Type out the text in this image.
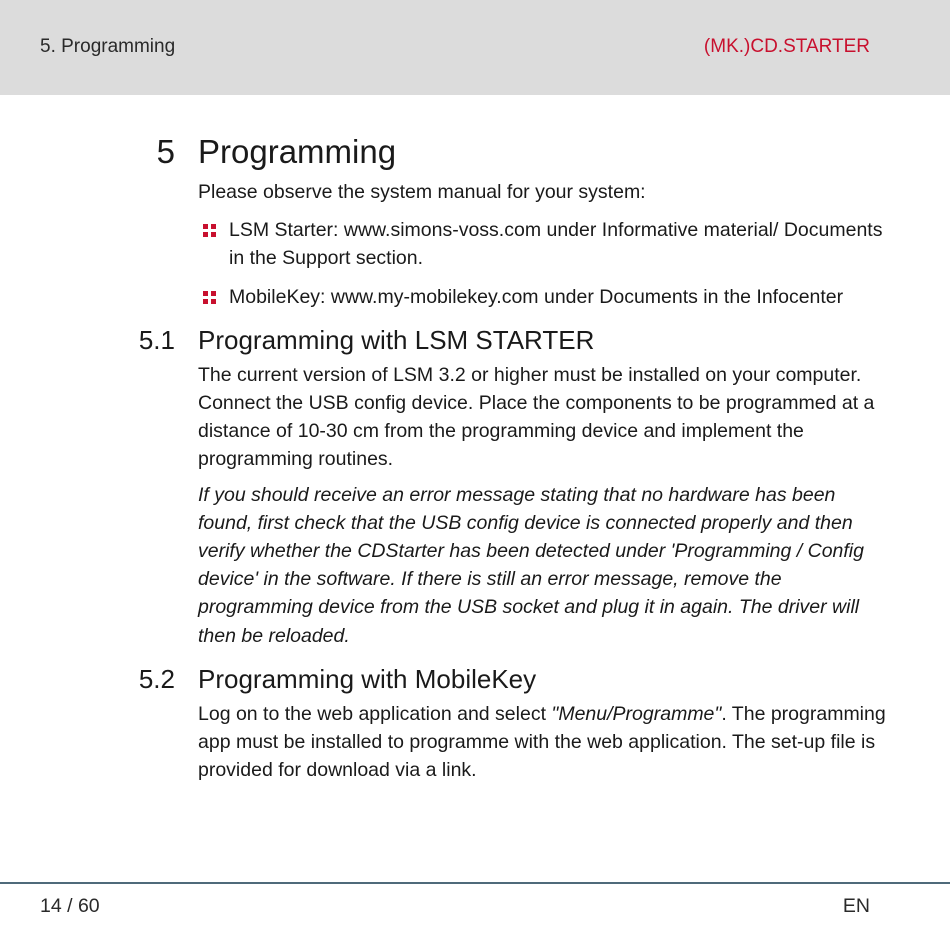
5. Programming	(MK.)CD.STARTER
5 Programming

Please observe the system manual for your system:

LSM Starter: www.simons-voss.com under Informative material/ Documents in the Support section.
MobileKey: www.my-mobilekey.com under Documents in the Infocenter
5.1 Programming with LSM STARTER

The current version of LSM 3.2 or higher must be installed on your computer. Connect the USB config device. Place the components to be programmed at a distance of 10-30 cm from the programming device and implement the programming routines.

If you should receive an error message stating that no hardware has been found, first check that the USB config device is connected properly and then verify whether the CDStarter has been detected under 'Programming / Config device' in the software. If there is still an error message, remove the programming device from the USB socket and plug it in again. The driver will then be reloaded.

5.2 Programming with MobileKey

Log on to the web application and select "Menu/Programme". The programming app must be installed to programme with the web application. The set-up file is provided for download via a link.

14 / 60	EN
